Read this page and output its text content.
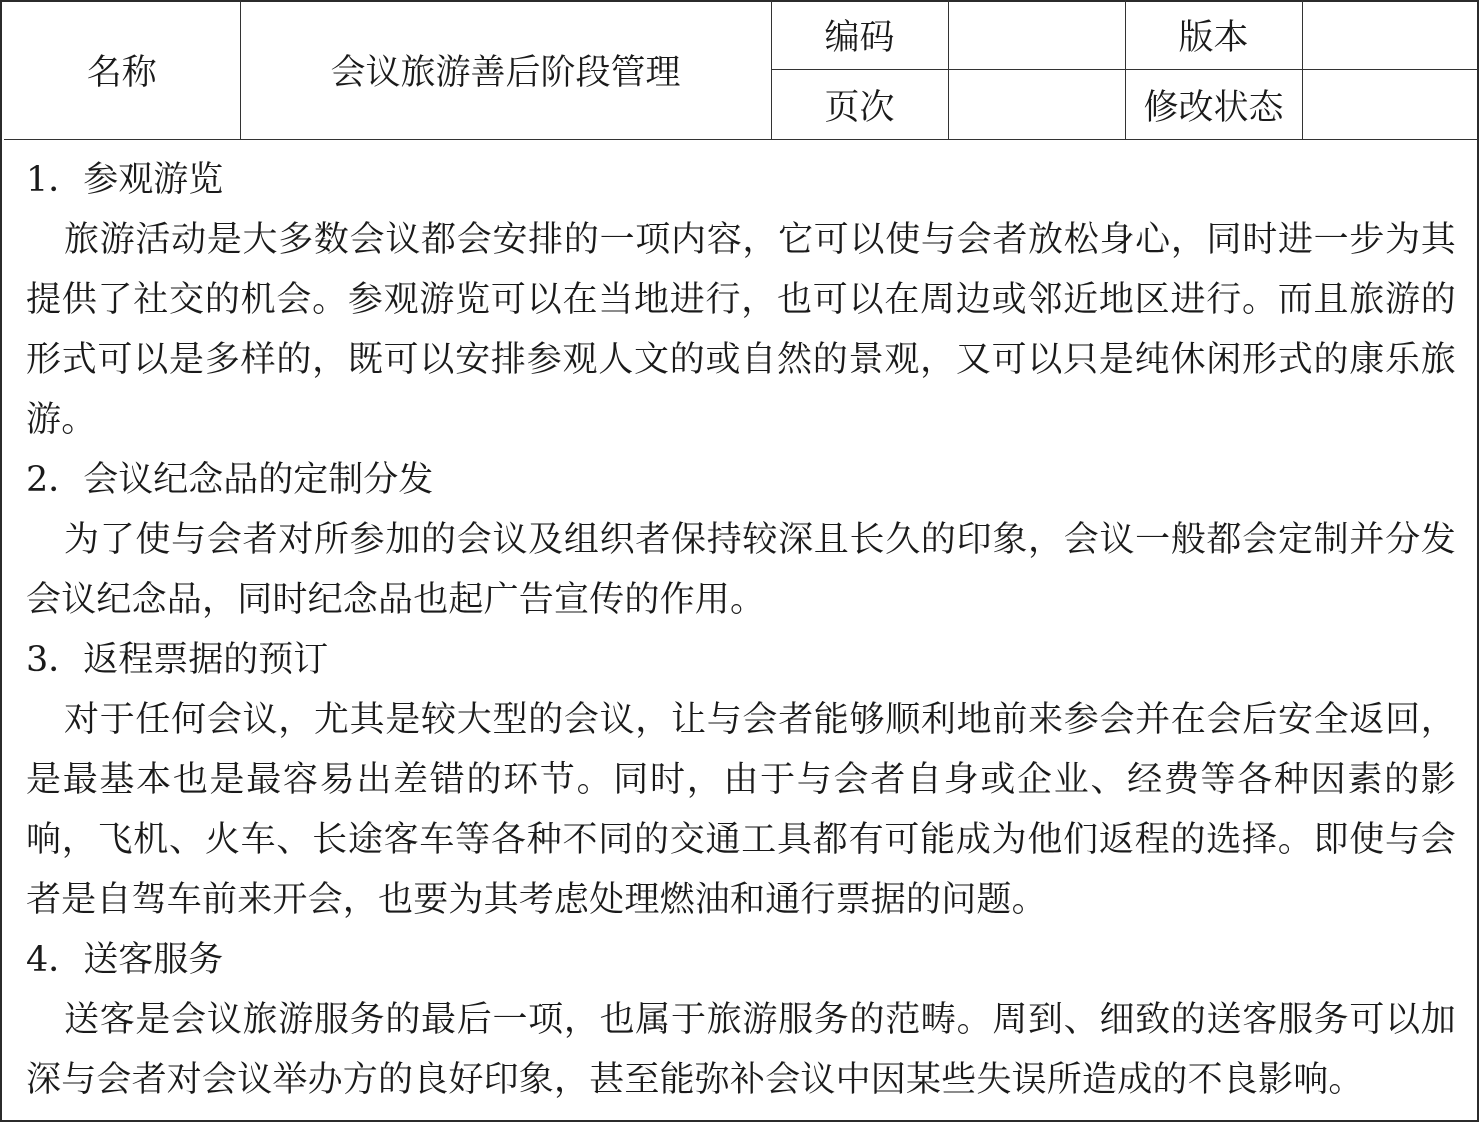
名称	会议旅游善后阶段管理	编码		版本	
		页次		修改状态	
1．参观游览
旅游活动是大多数会议都会安排的一项内容，它可以使与会者放松身心，同时进一步为其提供了社交的机会。参观游览可以在当地进行，也可以在周边或邻近地区进行。而且旅游的形式可以是多样的，既可以安排参观人文的或自然的景观，又可以只是纯休闲形式的康乐旅游。
2．会议纪念品的定制分发
为了使与会者对所参加的会议及组织者保持较深且长久的印象，会议一般都会定制并分发会议纪念品，同时纪念品也起广告宣传的作用。
3．返程票据的预订
对于任何会议，尤其是较大型的会议，让与会者能够顺利地前来参会并在会后安全返回，是最基本也是最容易出差错的环节。同时，由于与会者自身或企业、经费等各种因素的影响，飞机、火车、长途客车等各种不同的交通工具都有可能成为他们返程的选择。即使与会者是自驾车前来开会，也要为其考虑处理燃油和通行票据的问题。
4．送客服务
送客是会议旅游服务的最后一项，也属于旅游服务的范畴。周到、细致的送客服务可以加深与会者对会议举办方的良好印象，甚至能弥补会议中因某些失误所造成的不良影响。
